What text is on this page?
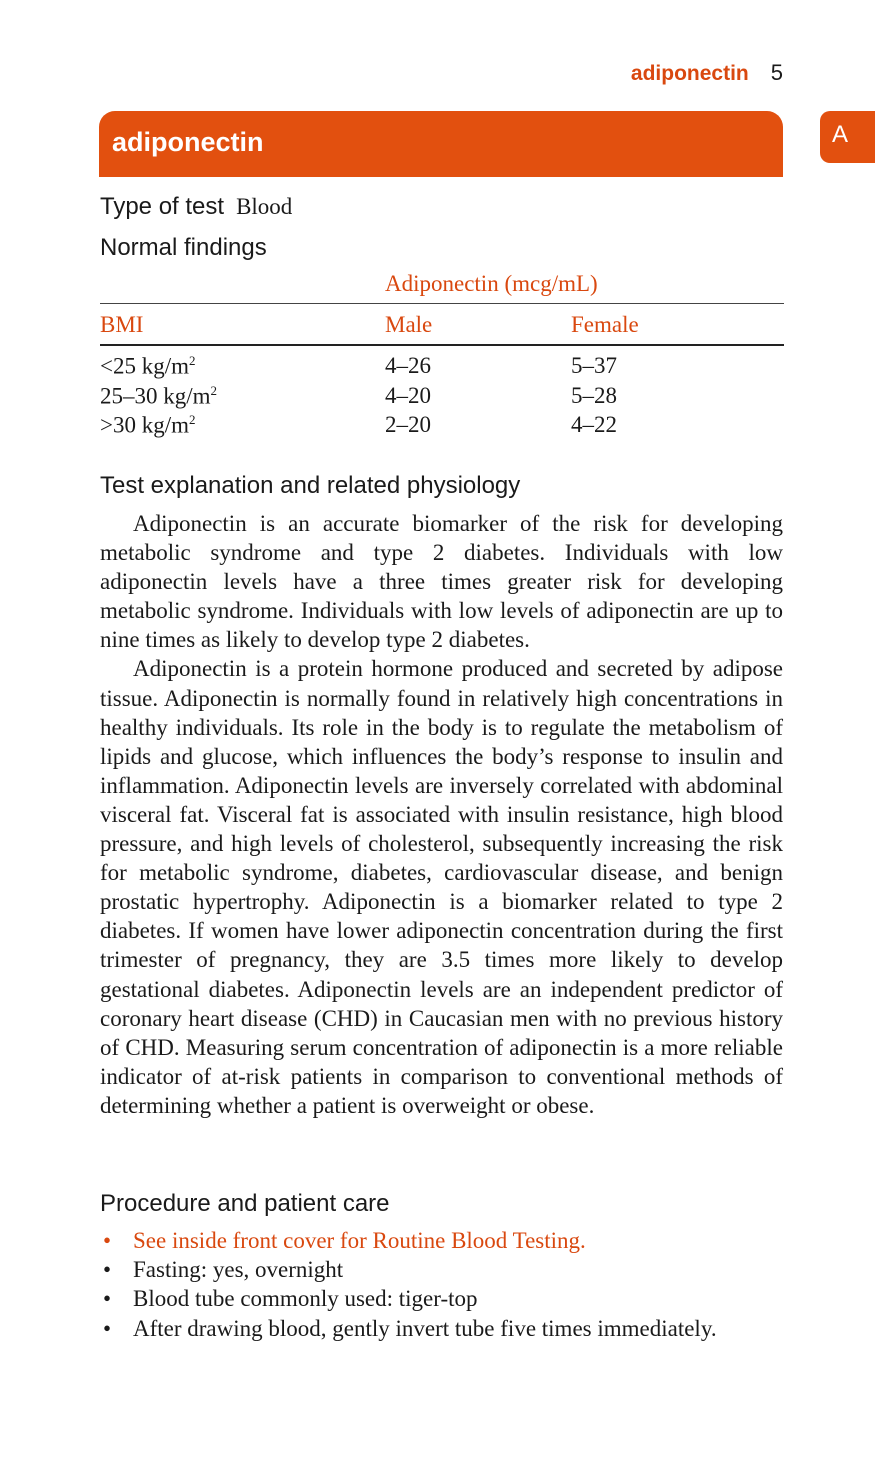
adiponectin 5
adiponectin	A
Type of test Blood
Normal findings
Adiponectin (mcg/mL)
BMI	Male	Female
<25 $kg/m^2$	4–26	5–37
25–30 $kg/m^2$	4–20	5–28
>30 $kg/m^2$	2–20	4–22
Test explanation and related physiology

Adiponectin is an accurate biomarker of the risk for developing metabolic syndrome and type 2 diabetes. Individuals with low adiponectin levels have a three times greater risk for developing metabolic syndrome. Individuals with low levels of adiponectin are up to nine times as likely to develop type 2 diabetes.

Adiponectin is a protein hormone produced and secreted by adipose tissue. Adiponectin is normally found in relatively high concentrations in healthy individuals. Its role in the body is to regulate the metabolism of lipids and glucose, which influences the body’s response to insulin and inflammation. Adiponectin levels are inversely correlated with abdominal visceral fat. Visceral fat is associated with insulin resistance, high blood pressure, and high levels of cholesterol, subsequently increasing the risk for metabolic syndrome, diabetes, cardiovascular disease, and benign prostatic hypertrophy. Adiponectin is a biomarker related to type 2 diabetes. If women have lower adiponectin concentration during the first trimester of pregnancy, they are 3.5 times more likely to develop gestational diabetes. Adiponectin levels are an independent predictor of coronary heart disease (CHD) in Caucasian men with no previous history of CHD. Measuring serum concentration of adiponectin is a more reliable indicator of at-risk patients in comparison to conventional methods of determining whether a patient is overweight or obese.

Procedure and patient care
• See inside front cover for Routine Blood Testing.
• Fasting: yes, overnight
• Blood tube commonly used: tiger-top
• After drawing blood, gently invert tube five times immediately.
